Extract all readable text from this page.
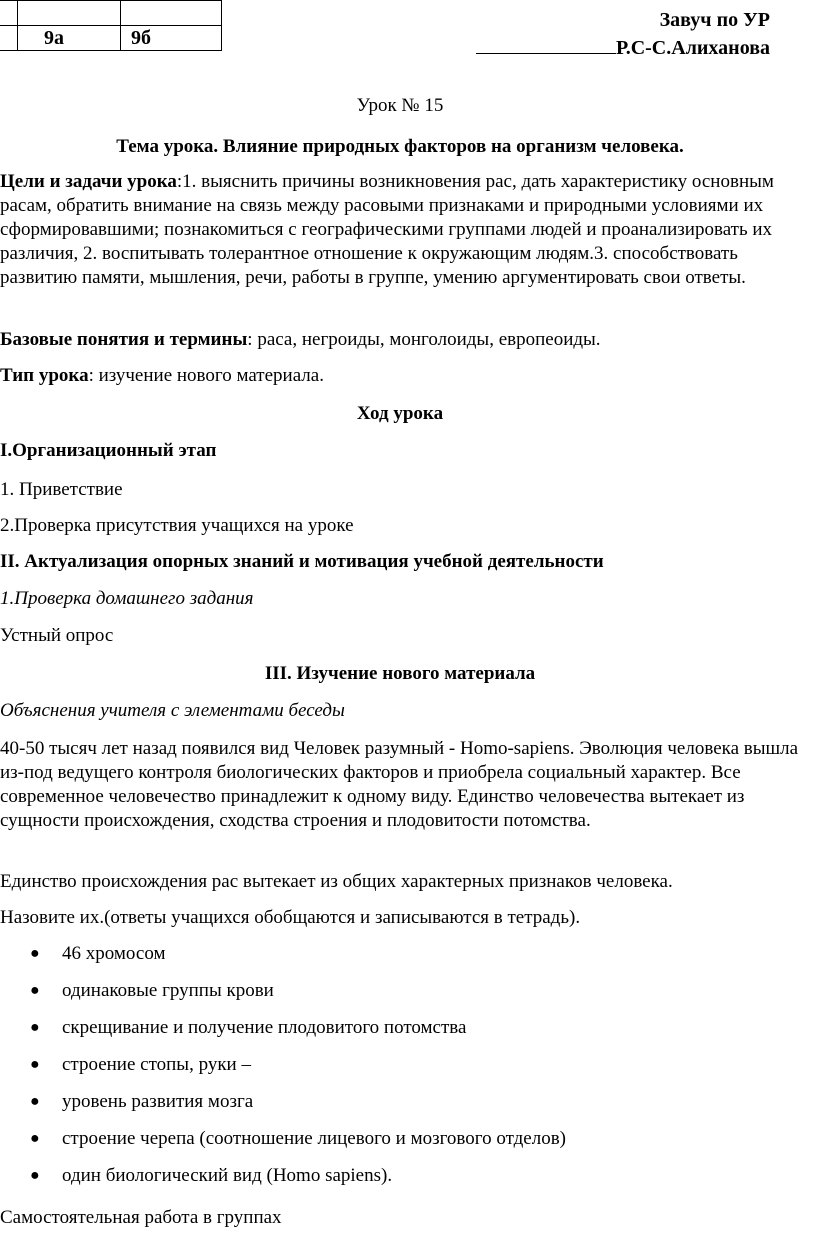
	9а	9б
Завуч по УР
Р.С-С.Алиханова
Урок № 15
Тема урока. Влияние природных факторов на организм человека.
Цели и задачи урока:1. выяснить причины возникновения рас, дать характеристику основным расам, обратить внимание на связь между расовыми признаками и природными условиями их сформировавшими; познакомиться с географическими группами людей и проанализировать их различия, 2. воспитывать толерантное отношение к окружающим людям.3. способствовать развитию памяти, мышления, речи, работы в группе, умению аргументировать свои ответы.
Базовые понятия и термины: раса, негроиды, монголоиды, европеоиды.
Тип урока: изучение нового материала.
Ход урока
I.Организационный этап
1. Приветствие
2.Проверка присутствия учащихся на уроке
II. Актуализация опорных знаний и мотивация учебной деятельности
1.Проверка домашнего задания
Устный опрос
III. Изучение нового материала
Объяснения учителя с элементами беседы
40-50 тысяч лет назад появился вид Человек разумный - Homo-sapiens. Эволюция человека вышла из-под ведущего контроля биологических факторов и приобрела социальный характер. Все современное человечество принадлежит к одному виду. Единство человечества вытекает из сущности происхождения, сходства строения и плодовитости потомства.
Единство происхождения рас вытекает из общих характерных признаков человека.
Назовите их.(ответы учащихся обобщаются и записываются в тетрадь).
● 46 хромосом
● одинаковые группы крови
● скрещивание и получение плодовитого потомства
● строение стопы, руки –
● уровень развития мозга
● строение черепа (соотношение лицевого и мозгового отделов)
● один биологический вид (Homo sapiens).
Самостоятельная работа в группах
